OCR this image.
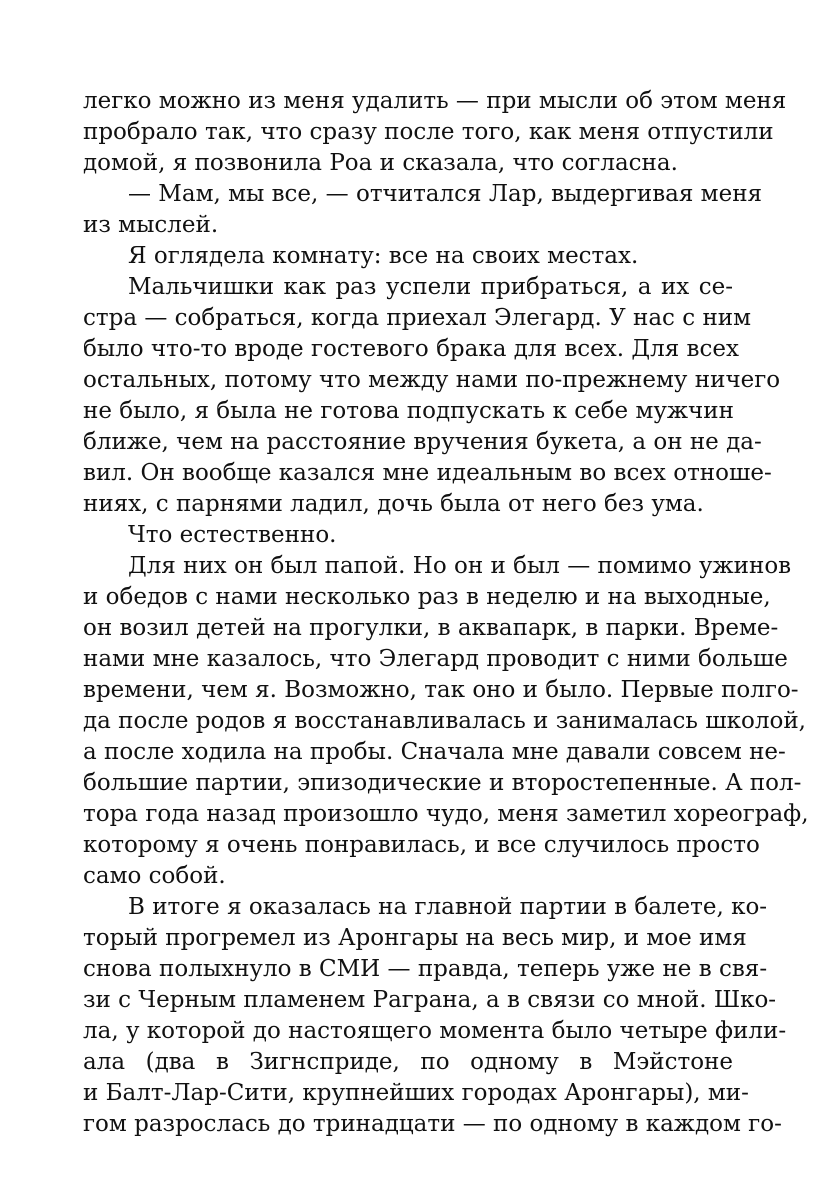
легко можно из меня удалить — при мысли об этом меня
пробрало так, что сразу после того, как меня отпустили
домой, я позвонила Роа и сказала, что согласна.
— Мам, мы все, — отчитался Лар, выдергивая меня
из мыслей.
Я оглядела комнату: все на своих местах.
Мальчишки как раз успели прибраться, а их се-
стра — собраться, когда приехал Элегард. У нас с ним
было что-то вроде гостевого брака для всех. Для всех
остальных, потому что между нами по-прежнему ничего
не было, я была не готова подпускать к себе мужчин
ближе, чем на расстояние вручения букета, а он не да-
вил. Он вообще казался мне идеальным во всех отноше-
ниях, с парнями ладил, дочь была от него без ума.
Что естественно.
Для них он был папой. Но он и был — помимо ужинов
и обедов с нами несколько раз в неделю и на выходные,
он возил детей на прогулки, в аквапарк, в парки. Време-
нами мне казалось, что Элегард проводит с ними больше
времени, чем я. Возможно, так оно и было. Первые полго-
да после родов я восстанавливалась и занималась школой,
а после ходила на пробы. Сначала мне давали совсем не-
большие партии, эпизодические и второстепенные. А пол-
тора года назад произошло чудо, меня заметил хореограф,
которому я очень понравилась, и все случилось просто
само собой.
В итоге я оказалась на главной партии в балете, ко-
торый прогремел из Аронгары на весь мир, и мое имя
снова полыхнуло в СМИ — правда, теперь уже не в свя-
зи с Черным пламенем Раграна, а в связи со мной. Шко-
ла, у которой до настоящего момента было четыре фили-
ала (два в Зигнсприде, по одному в Мэйстоне
и Балт-Лар-Сити, крупнейших городах Аронгары), ми-
гом разрослась до тринадцати — по одному в каждом го-
